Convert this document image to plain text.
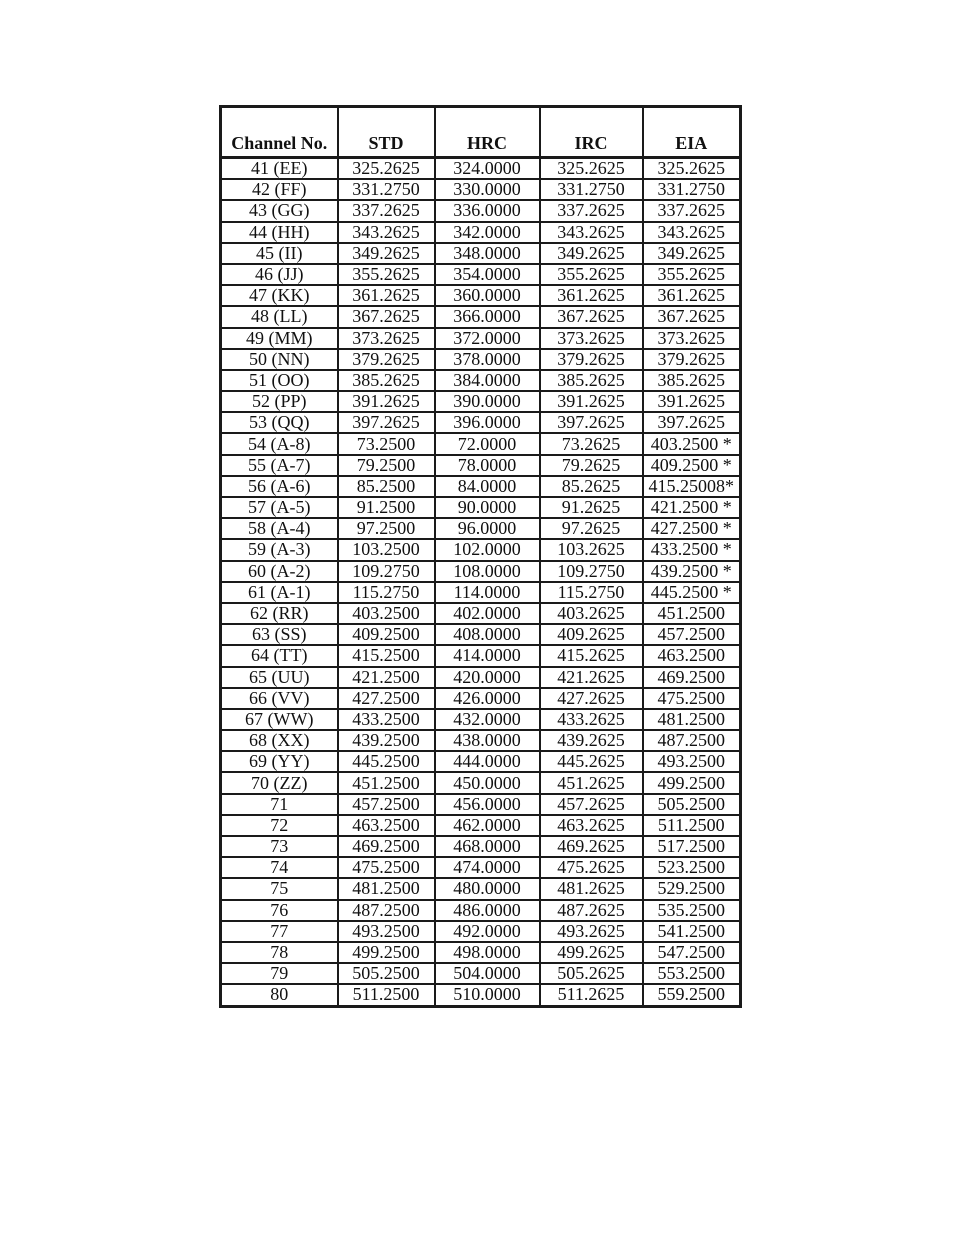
Channel No.	STD	HRC	IRC	EIA
41 (EE)	325.2625	324.0000	325.2625	325.2625
42 (FF)	331.2750	330.0000	331.2750	331.2750
43 (GG)	337.2625	336.0000	337.2625	337.2625
44 (HH)	343.2625	342.0000	343.2625	343.2625
45 (II)	349.2625	348.0000	349.2625	349.2625
46 (JJ)	355.2625	354.0000	355.2625	355.2625
47 (KK)	361.2625	360.0000	361.2625	361.2625
48 (LL)	367.2625	366.0000	367.2625	367.2625
49 (MM)	373.2625	372.0000	373.2625	373.2625
50 (NN)	379.2625	378.0000	379.2625	379.2625
51 (OO)	385.2625	384.0000	385.2625	385.2625
52 (PP)	391.2625	390.0000	391.2625	391.2625
53 (QQ)	397.2625	396.0000	397.2625	397.2625
54 (A-8)	73.2500	72.0000	73.2625	403.2500 *
55 (A-7)	79.2500	78.0000	79.2625	409.2500 *
56 (A-6)	85.2500	84.0000	85.2625	415.25008*
57 (A-5)	91.2500	90.0000	91.2625	421.2500 *
58 (A-4)	97.2500	96.0000	97.2625	427.2500 *
59 (A-3)	103.2500	102.0000	103.2625	433.2500 *
60 (A-2)	109.2750	108.0000	109.2750	439.2500 *
61 (A-1)	115.2750	114.0000	115.2750	445.2500 *
62 (RR)	403.2500	402.0000	403.2625	451.2500
63 (SS)	409.2500	408.0000	409.2625	457.2500
64 (TT)	415.2500	414.0000	415.2625	463.2500
65 (UU)	421.2500	420.0000	421.2625	469.2500
66 (VV)	427.2500	426.0000	427.2625	475.2500
67 (WW)	433.2500	432.0000	433.2625	481.2500
68 (XX)	439.2500	438.0000	439.2625	487.2500
69 (YY)	445.2500	444.0000	445.2625	493.2500
70 (ZZ)	451.2500	450.0000	451.2625	499.2500
71	457.2500	456.0000	457.2625	505.2500
72	463.2500	462.0000	463.2625	511.2500
73	469.2500	468.0000	469.2625	517.2500
74	475.2500	474.0000	475.2625	523.2500
75	481.2500	480.0000	481.2625	529.2500
76	487.2500	486.0000	487.2625	535.2500
77	493.2500	492.0000	493.2625	541.2500
78	499.2500	498.0000	499.2625	547.2500
79	505.2500	504.0000	505.2625	553.2500
80	511.2500	510.0000	511.2625	559.2500
